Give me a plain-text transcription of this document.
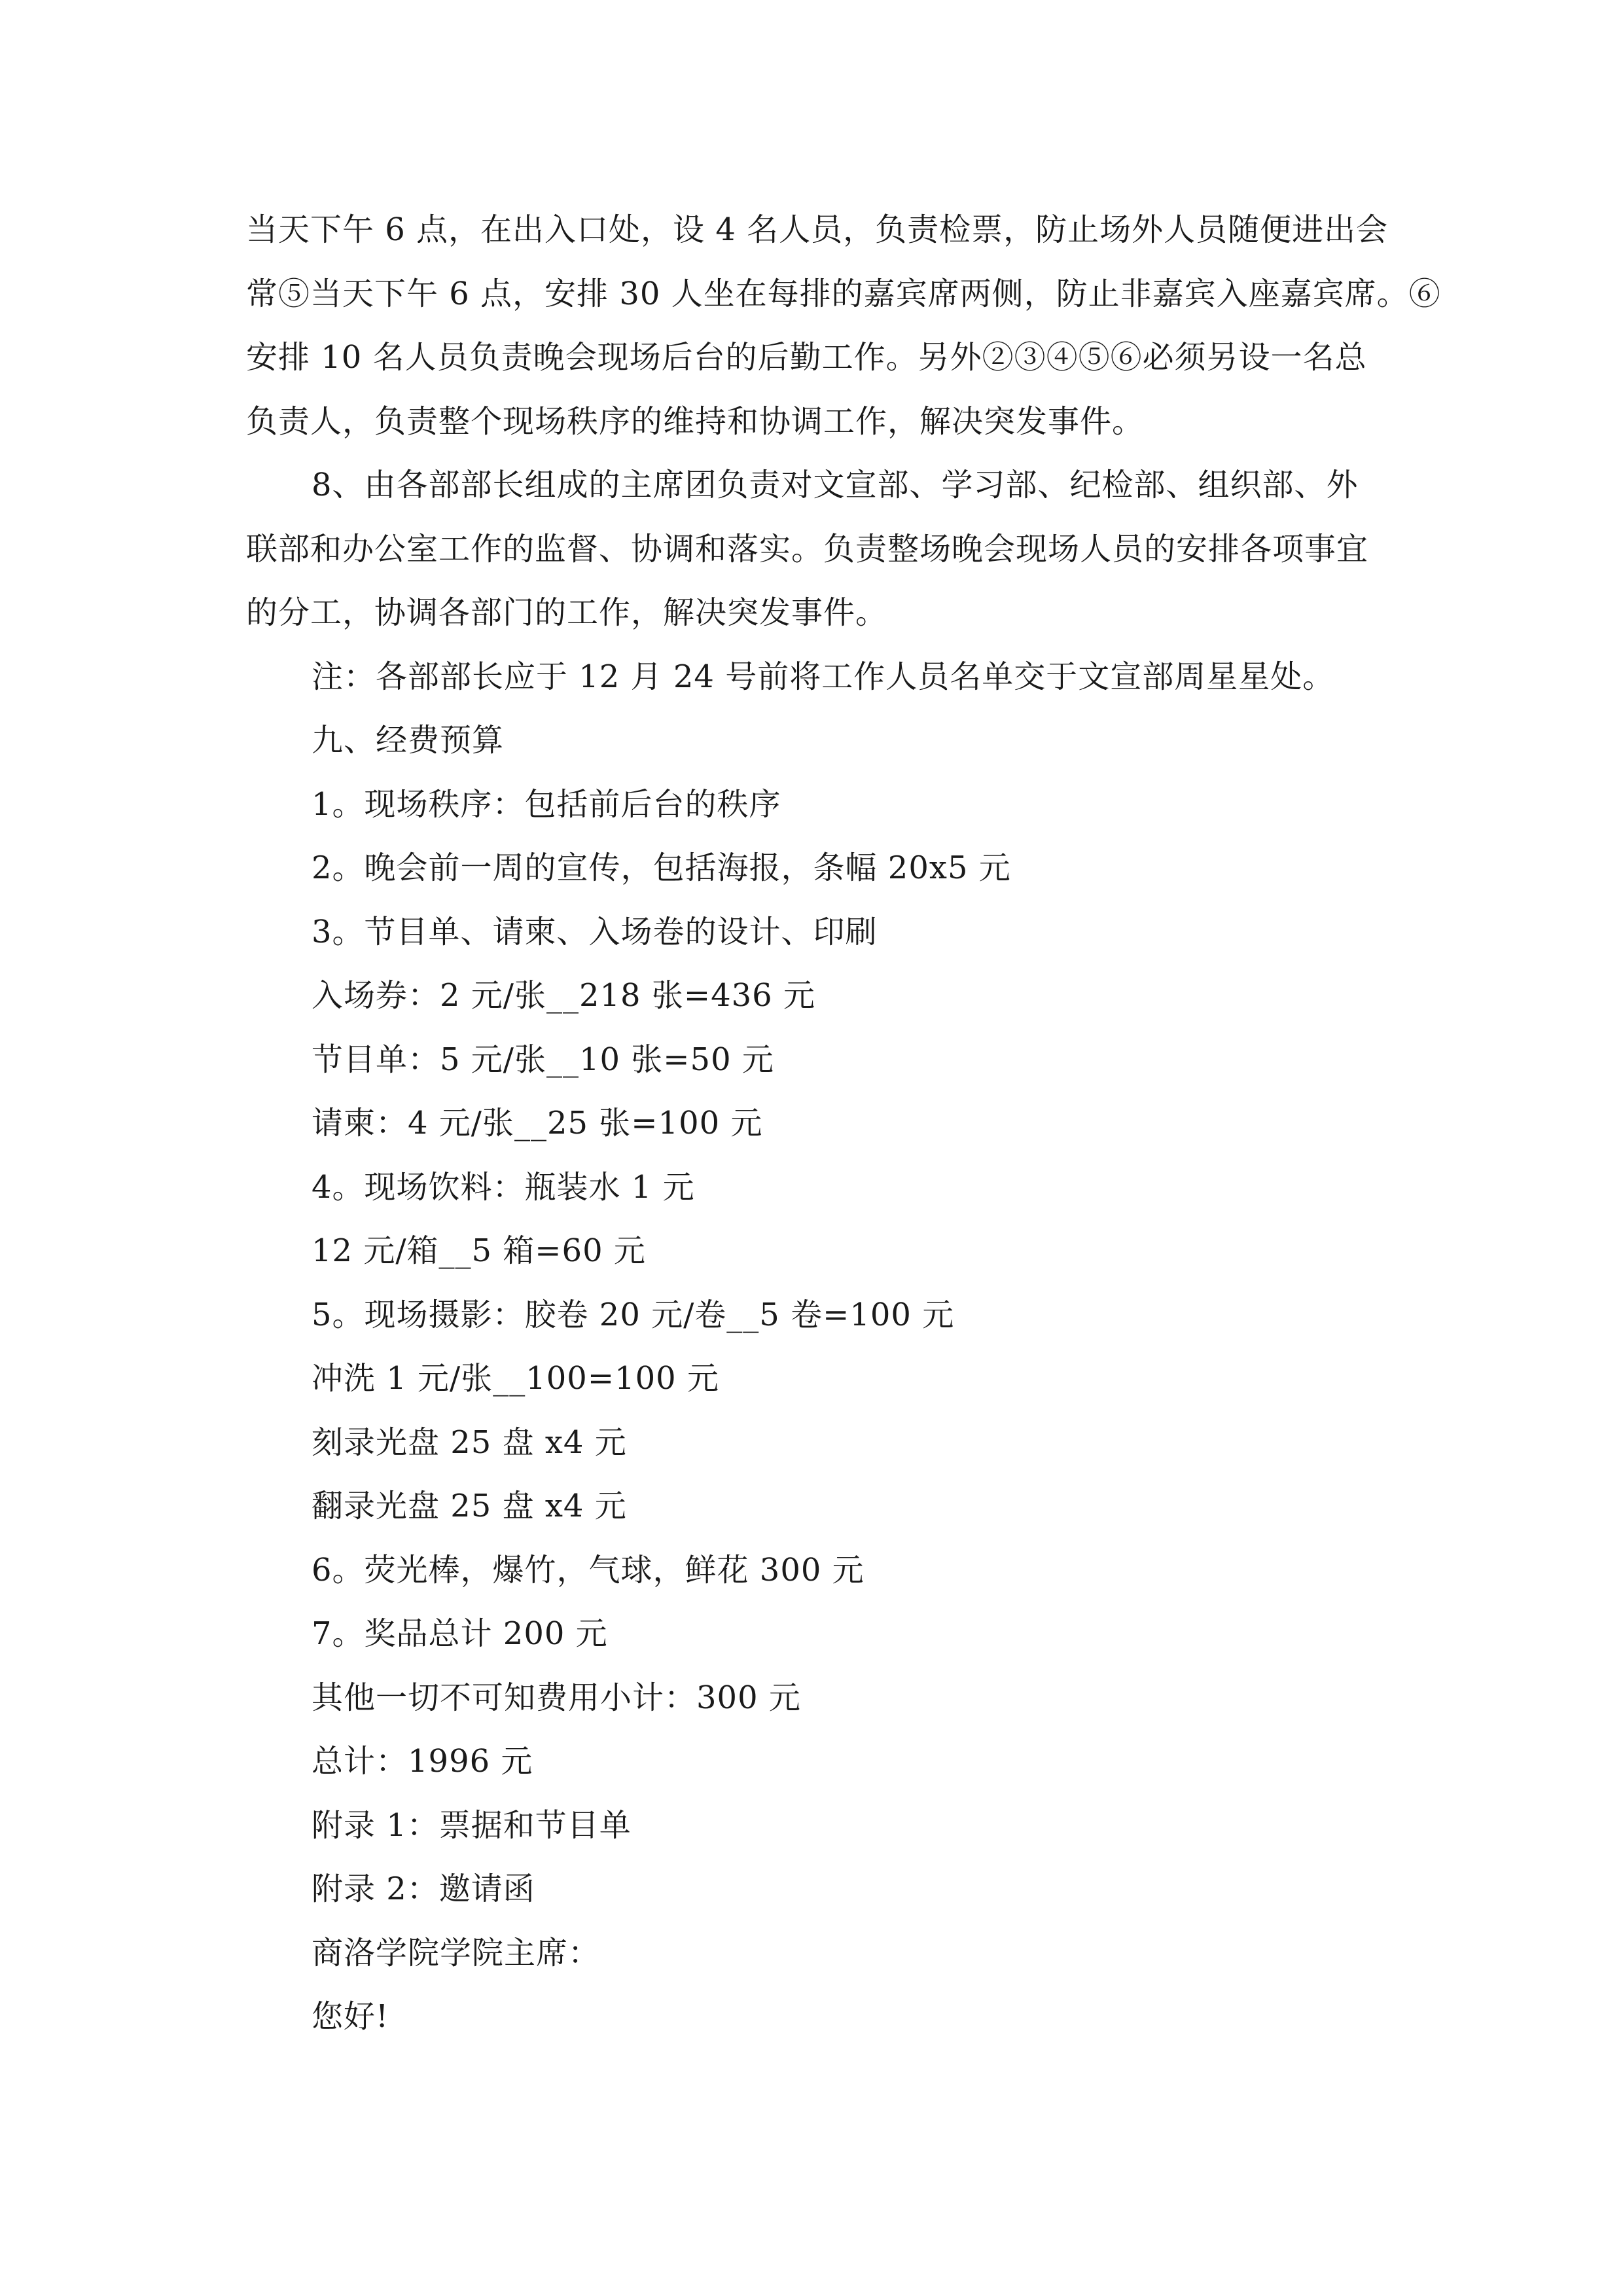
当天下午 6 点，在出入口处，设 4 名人员，负责检票，防止场外人员随便进出会

常⑤当天下午 6 点，安排 30 人坐在每排的嘉宾席两侧，防止非嘉宾入座嘉宾席。⑥

安排 10 名人员负责晚会现场后台的后勤工作。另外②③④⑤⑥必须另设一名总

负责人，负责整个现场秩序的维持和协调工作，解决突发事件。

8、由各部部长组成的主席团负责对文宣部、学习部、纪检部、组织部、外

联部和办公室工作的监督、协调和落实。负责整场晚会现场人员的安排各项事宜

的分工，协调各部门的工作，解决突发事件。

注：各部部长应于 12 月 24 号前将工作人员名单交于文宣部周星星处。

九、经费预算

1。现场秩序：包括前后台的秩序

2。晚会前一周的宣传，包括海报，条幅 20x5 元

3。节目单、请柬、入场卷的设计、印刷

入场券：2 元/张__218 张=436 元

节目单：5 元/张__10 张=50 元

请柬：4 元/张__25 张=100 元

4。现场饮料：瓶装水 1 元

12 元/箱__5 箱=60 元

5。现场摄影：胶卷 20 元/卷__5 卷=100 元

冲洗 1 元/张__100=100 元

刻录光盘 25 盘 x4 元

翻录光盘 25 盘 x4 元

6。荧光棒，爆竹，气球，鲜花 300 元

7。奖品总计 200 元

其他一切不可知费用小计：300 元

总计：1996 元

附录 1：票据和节目单

附录 2：邀请函

商洛学院学院主席：

您好!
